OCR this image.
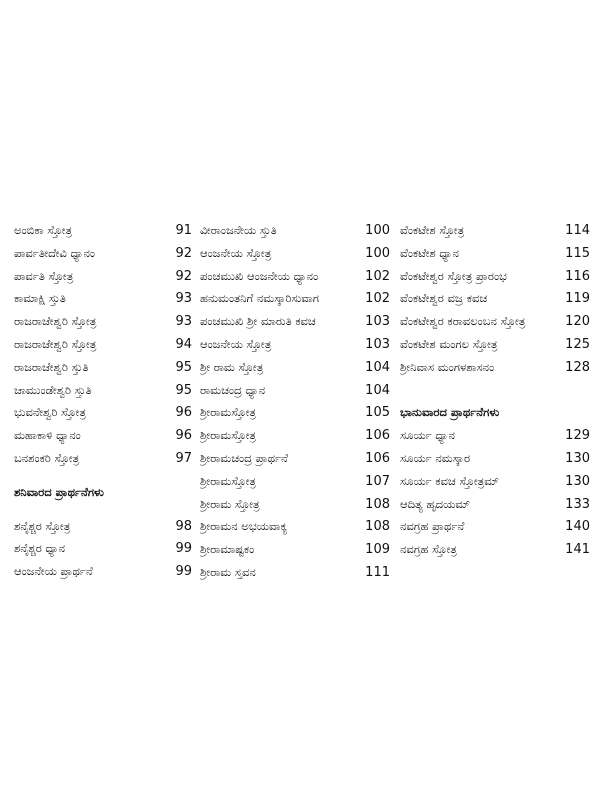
ಅಂಬಿಕಾ ಸ್ತೋತ್ರ	91
ಪಾರ್ವತೀದೇವಿ ಧ್ಯಾನಂ	92
ಪಾರ್ವತಿ ಸ್ತೋತ್ರ	92
ಕಾಮಾಕ್ಷಿ ಸ್ತುತಿ	93
ರಾಜರಾಜೇಶ್ವರಿ ಸ್ತೋತ್ರ	93
ರಾಜರಾಜೇಶ್ವರಿ ಸ್ತೋತ್ರ	94
ರಾಜರಾಜೇಶ್ವರಿ ಸ್ತುತಿ	95
ಚಾಮುಂಡೇಶ್ವರಿ ಸ್ತುತಿ	95
ಭುವನೇಶ್ವರಿ ಸ್ತೋತ್ರ	96
ಮಹಾಕಾಳಿ ಧ್ಯಾನಂ	96
ಬನಶಂಕರಿ ಸ್ತೋತ್ರ	97
ಶನಿವಾರದ ಪ್ರಾರ್ಥನೆಗಳು
ಶನೈಶ್ಚರ ಸ್ತೋತ್ರ	98
ಶನೈಶ್ಚರ ಧ್ಯಾನ	99
ಆಂಜನೇಯ ಪ್ರಾರ್ಥನೆ	99
ವೀರಾಂಜನೇಯ ಸ್ತುತಿ	100
ಆಂಜನೇಯ ಸ್ತೋತ್ರ	100
ಪಂಚಮುಖಿ ಆಂಜನೇಯ ಧ್ಯಾನಂ	102
ಹನುಮಂತನಿಗೆ ನಮಸ್ಕಾರಿಸುವಾಗ	102
ಪಂಚಮುಖಿ ಶ್ರೀ ಮಾರುತಿ ಕವಚ	103
ಆಂಜನೇಯ ಸ್ತೋತ್ರ	103
ಶ್ರೀ ರಾಮ ಸ್ತೋತ್ರ	104
ರಾಮಚಂದ್ರ ಧ್ಯಾನ	104
ಶ್ರೀರಾಮಸ್ತೋತ್ರ	105
ಶ್ರೀರಾಮಸ್ತೋತ್ರ	106
ಶ್ರೀರಾಮಚಂದ್ರ ಪ್ರಾರ್ಥನೆ	106
ಶ್ರೀರಾಮಸ್ತೋತ್ರ	107
ಶ್ರೀರಾಮ ಸ್ತೋತ್ರ	108
ಶ್ರೀರಾಮನ ಅಭಯವಾಕ್ಯ	108
ಶ್ರೀರಾಮಾಷ್ಟಕಂ	109
ಶ್ರೀರಾಮ ಸ್ತವನ	111
ವೆಂಕಟೇಶ ಸ್ತೋತ್ರ	114
ವೆಂಕಟೇಶ ಧ್ಯಾನ	115
ವೆಂಕಟೇಶ್ವರ ಸ್ತೋತ್ರ ಪ್ರಾರಂಭ	116
ವೆಂಕಟೇಶ್ವರ ವಜ್ರ ಕವಚ	119
ವೆಂಕಟೇಶ್ವರ ಕರಾವಲಂಬನ ಸ್ತೋತ್ರ	120
ವೆಂಕಟೇಶ ಮಂಗಲ ಸ್ತೋತ್ರ	125
ಶ್ರೀನಿವಾಸ ಮಂಗಳಶಾಸನಂ	128
ಭಾನುವಾರದ ಪ್ರಾರ್ಥನೆಗಳು
ಸೂರ್ಯ ಧ್ಯಾನ	129
ಸೂರ್ಯ ನಮಸ್ಕಾರ	130
ಸೂರ್ಯ ಕವಚ ಸ್ತೋತ್ರಮ್	130
ಆದಿತ್ಯ ಹೃದಯಮ್	133
ನವಗ್ರಹ ಪ್ರಾರ್ಥನೆ	140
ನವಗ್ರಹ ಸ್ತೋತ್ರ	141
